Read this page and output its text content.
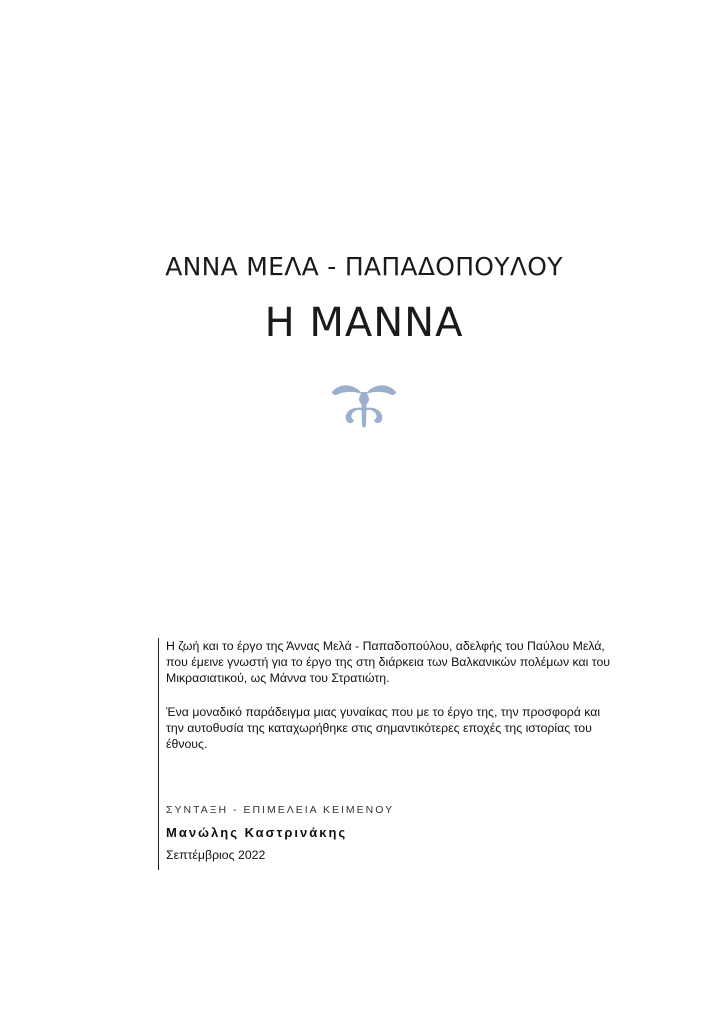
ΑΝΝΑ ΜΕΛΑ - ΠΑΠΑΔΟΠΟΥΛΟΥ
Η ΜΑΝΝΑ

Η ζωή και το έργο της Άννας Μελά - Παπαδοπούλου, αδελφής του Παύλου Μελά, που έμεινε γνωστή για το έργο της στη διάρκεια των Βαλκανικών πολέμων και του Μικρασιατικού, ως Μάννα του Στρατιώτη.

Ένα μοναδικό παράδειγμα μιας γυναίκας που με το έργο της, την προσφορά και την αυτοθυσία της καταχωρήθηκε στις σημαντικότερες εποχές της ιστορίας του έθνους.

ΣΥΝΤΑΞΗ - ΕΠΙΜΕΛΕΙΑ ΚΕΙΜΕΝΟΥ
Μανώλης Καστρινάκης
Σεπτέμβριος 2022
